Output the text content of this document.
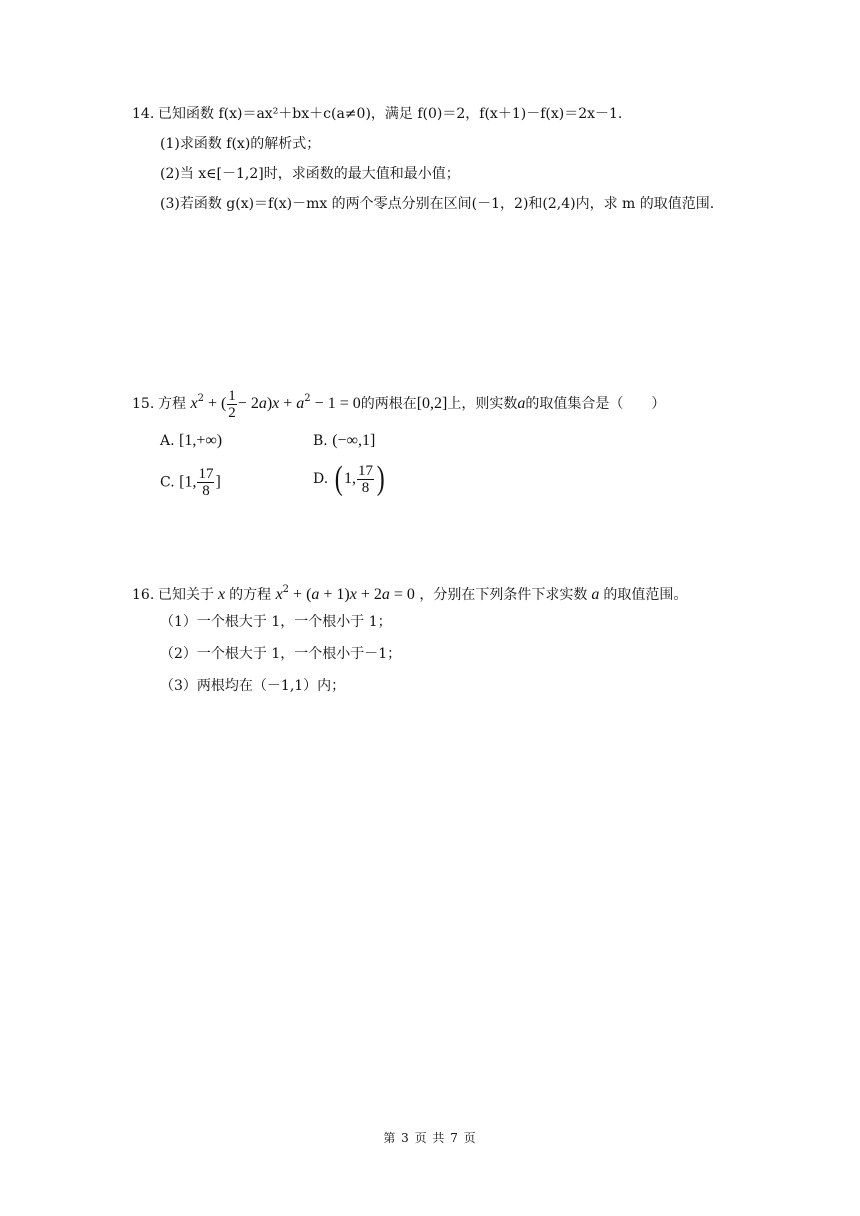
14. 已知函数 f(x)＝ax²＋bx＋c(a≠0)，满足 f(0)＝2，f(x＋1)－f(x)＝2x－1.
(1)求函数 f(x)的解析式；
(2)当 x∈[－1,2]时，求函数的最大值和最小值；
(3)若函数 g(x)＝f(x)－mx 的两个零点分别在区间(－1，2)和(2,4)内，求 m 的取值范围.
15. 方程 $x^2$ + ( $\frac{1}{2} - 2a)x + a^2 - 1 = 0$的两根在[0,2]上，则实数a的取值集合是（　　）
A. [1,+∞)	B. (−∞,1]
C. [1, $\frac{17}{8}$ ]	D. ( 1, $\frac{17}{8}$ )
16. 已知关于 x 的方程 $x^2 + (a + 1)x + 2a = 0$ ，分别在下列条件下求实数 a 的取值范围。
（1）一个根大于 1，一个根小于 1；
（2）一个根大于 1，一个根小于－1；
（3）两根均在（－1,1）内；
第 3 页 共 7 页
